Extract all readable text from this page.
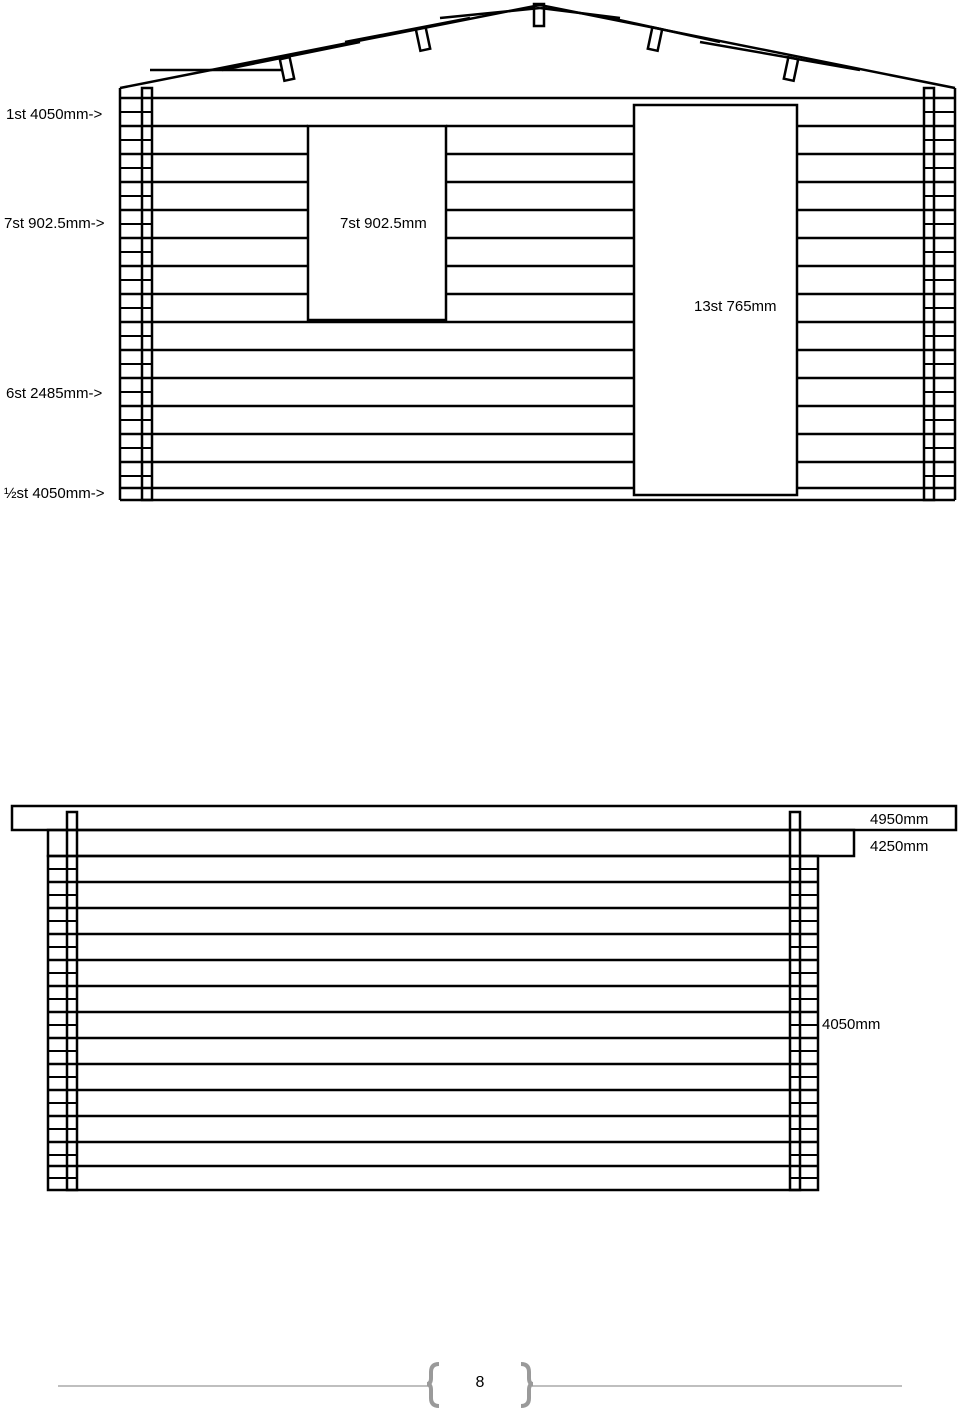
1st 4050mm->
7st 902.5mm->	7st 902.5mm
13st 765mm
6st 2485mm->
½st 4050mm->
4950mm
4250mm
4050mm
8
